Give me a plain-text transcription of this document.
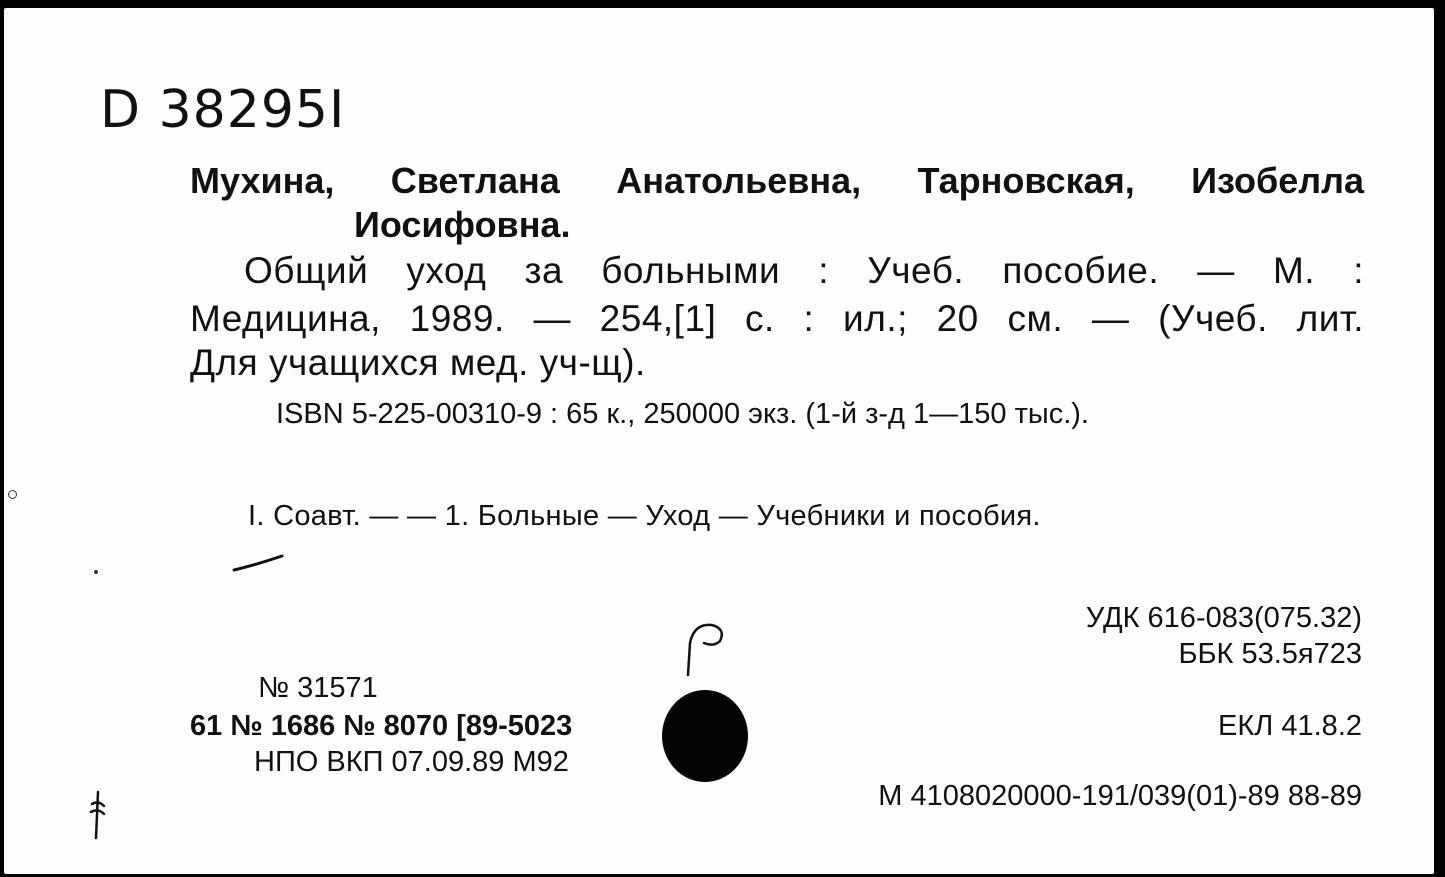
D 38295I
Мухина, Светлана Анатольевна, Тарновская, Изобелла
Иосифовна.
Общий уход за больными : Учеб. пособие. — М. :
Медицина, 1989. — 254,[1] с. : ил.; 20 см. — (Учеб. лит.
Для учащихся мед. уч-щ).
ISBN 5-225-00310-9 : 65 к., 250000 экз. (1-й з-д 1—150 тыс.).
I. Соавт. — — 1. Больные — Уход — Учебники и пособия.
УДК 616-083(075.32)
ББК 53.5я723
ЕКЛ 41.8.2
М 4108020000-191/039(01)-89 88-89
№ 31571
61 № 1686 № 8070 [89-5023
НПО ВКП 07.09.89 М92
